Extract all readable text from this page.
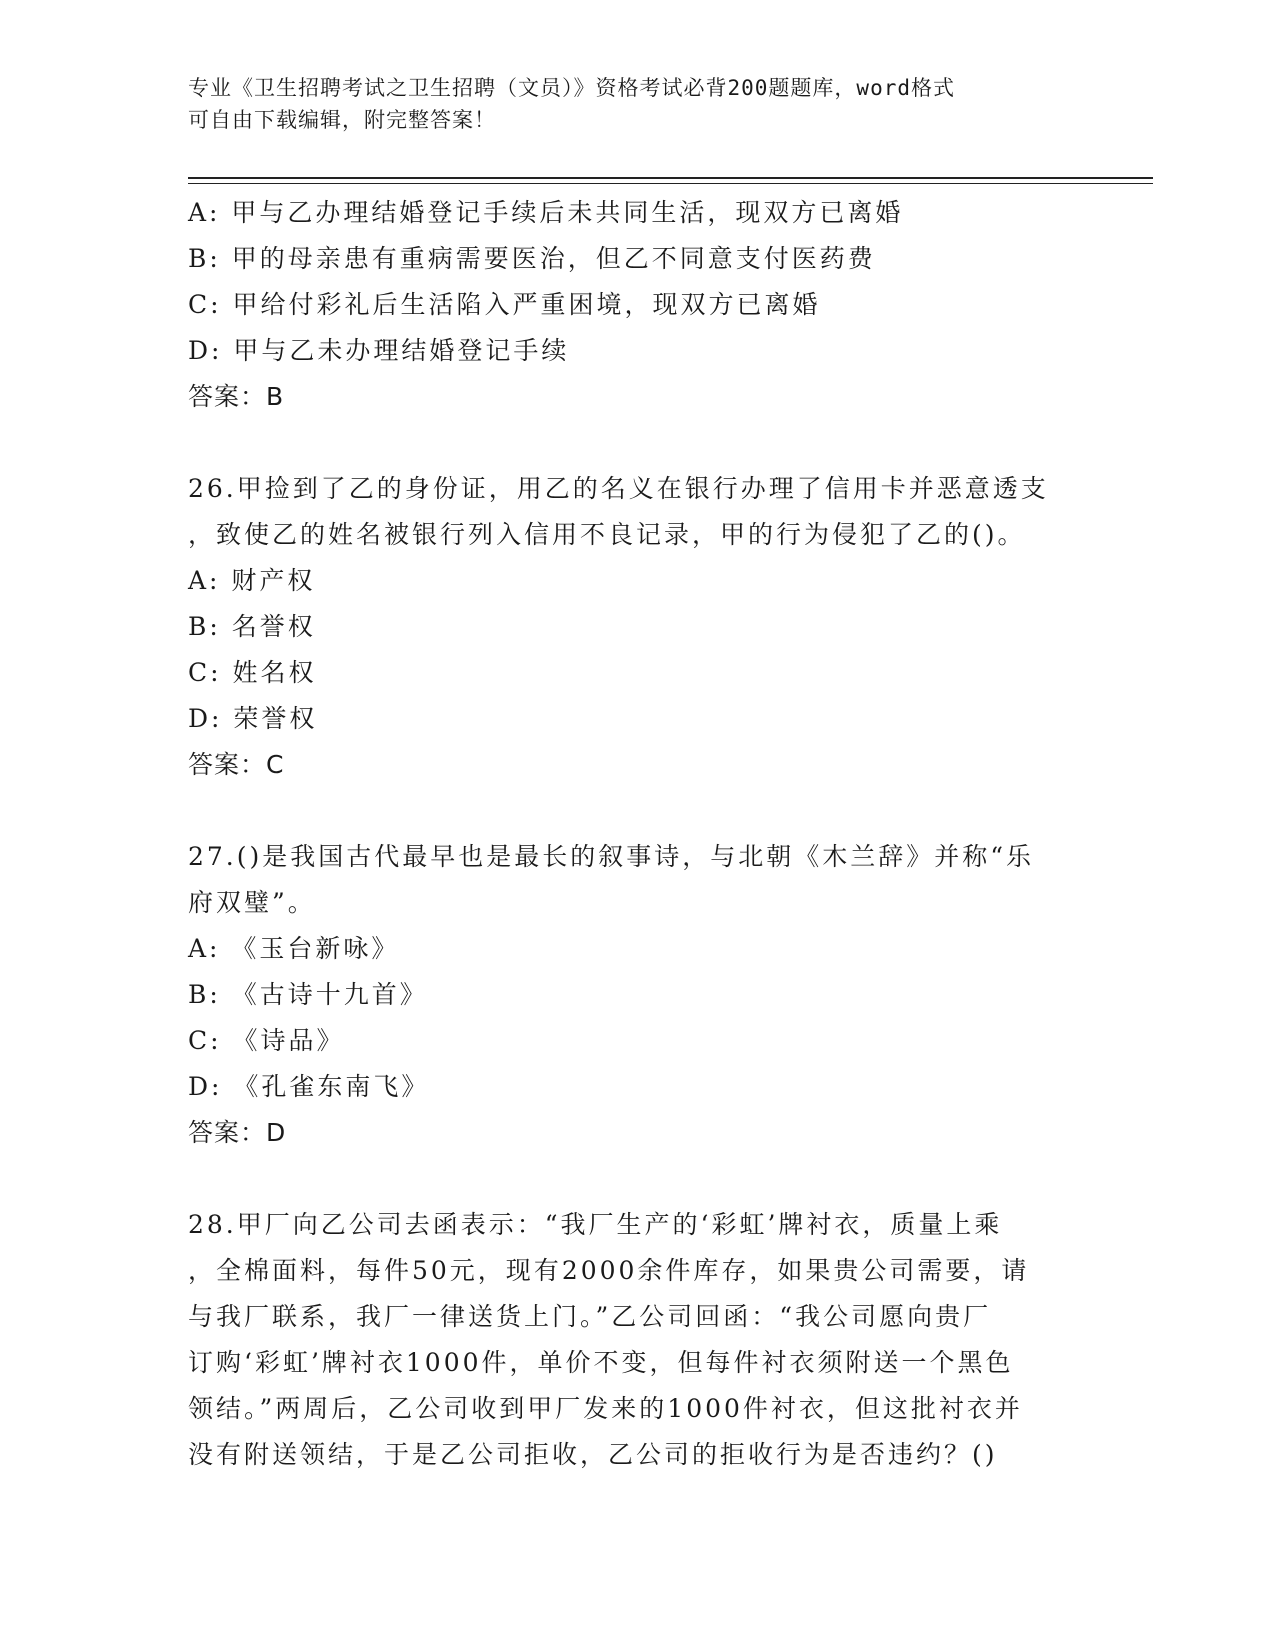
专业《卫生招聘考试之卫生招聘（文员）》资格考试必背200题题库，word格式
可自由下载编辑，附完整答案！
A: 甲与乙办理结婚登记手续后未共同生活，现双方已离婚
B: 甲的母亲患有重病需要医治，但乙不同意支付医药费
C: 甲给付彩礼后生活陷入严重困境，现双方已离婚
D: 甲与乙未办理结婚登记手续
答案：B
26.甲捡到了乙的身份证，用乙的名义在银行办理了信用卡并恶意透支
，致使乙的姓名被银行列入信用不良记录，甲的行为侵犯了乙的()。
A: 财产权
B: 名誉权
C: 姓名权
D: 荣誉权
答案：C
27.()是我国古代最早也是最长的叙事诗，与北朝《木兰辞》并称“乐
府双璧”。
A: 《玉台新咏》
B: 《古诗十九首》
C: 《诗品》
D: 《孔雀东南飞》
答案：D
28.甲厂向乙公司去函表示：“我厂生产的‘彩虹’牌衬衣，质量上乘
，全棉面料，每件50元，现有2000余件库存，如果贵公司需要，请
与我厂联系，我厂一律送货上门。”乙公司回函：“我公司愿向贵厂
订购‘彩虹’牌衬衣1000件，单价不变，但每件衬衣须附送一个黑色
领结。”两周后，乙公司收到甲厂发来的1000件衬衣，但这批衬衣并
没有附送领结，于是乙公司拒收，乙公司的拒收行为是否违约？()
